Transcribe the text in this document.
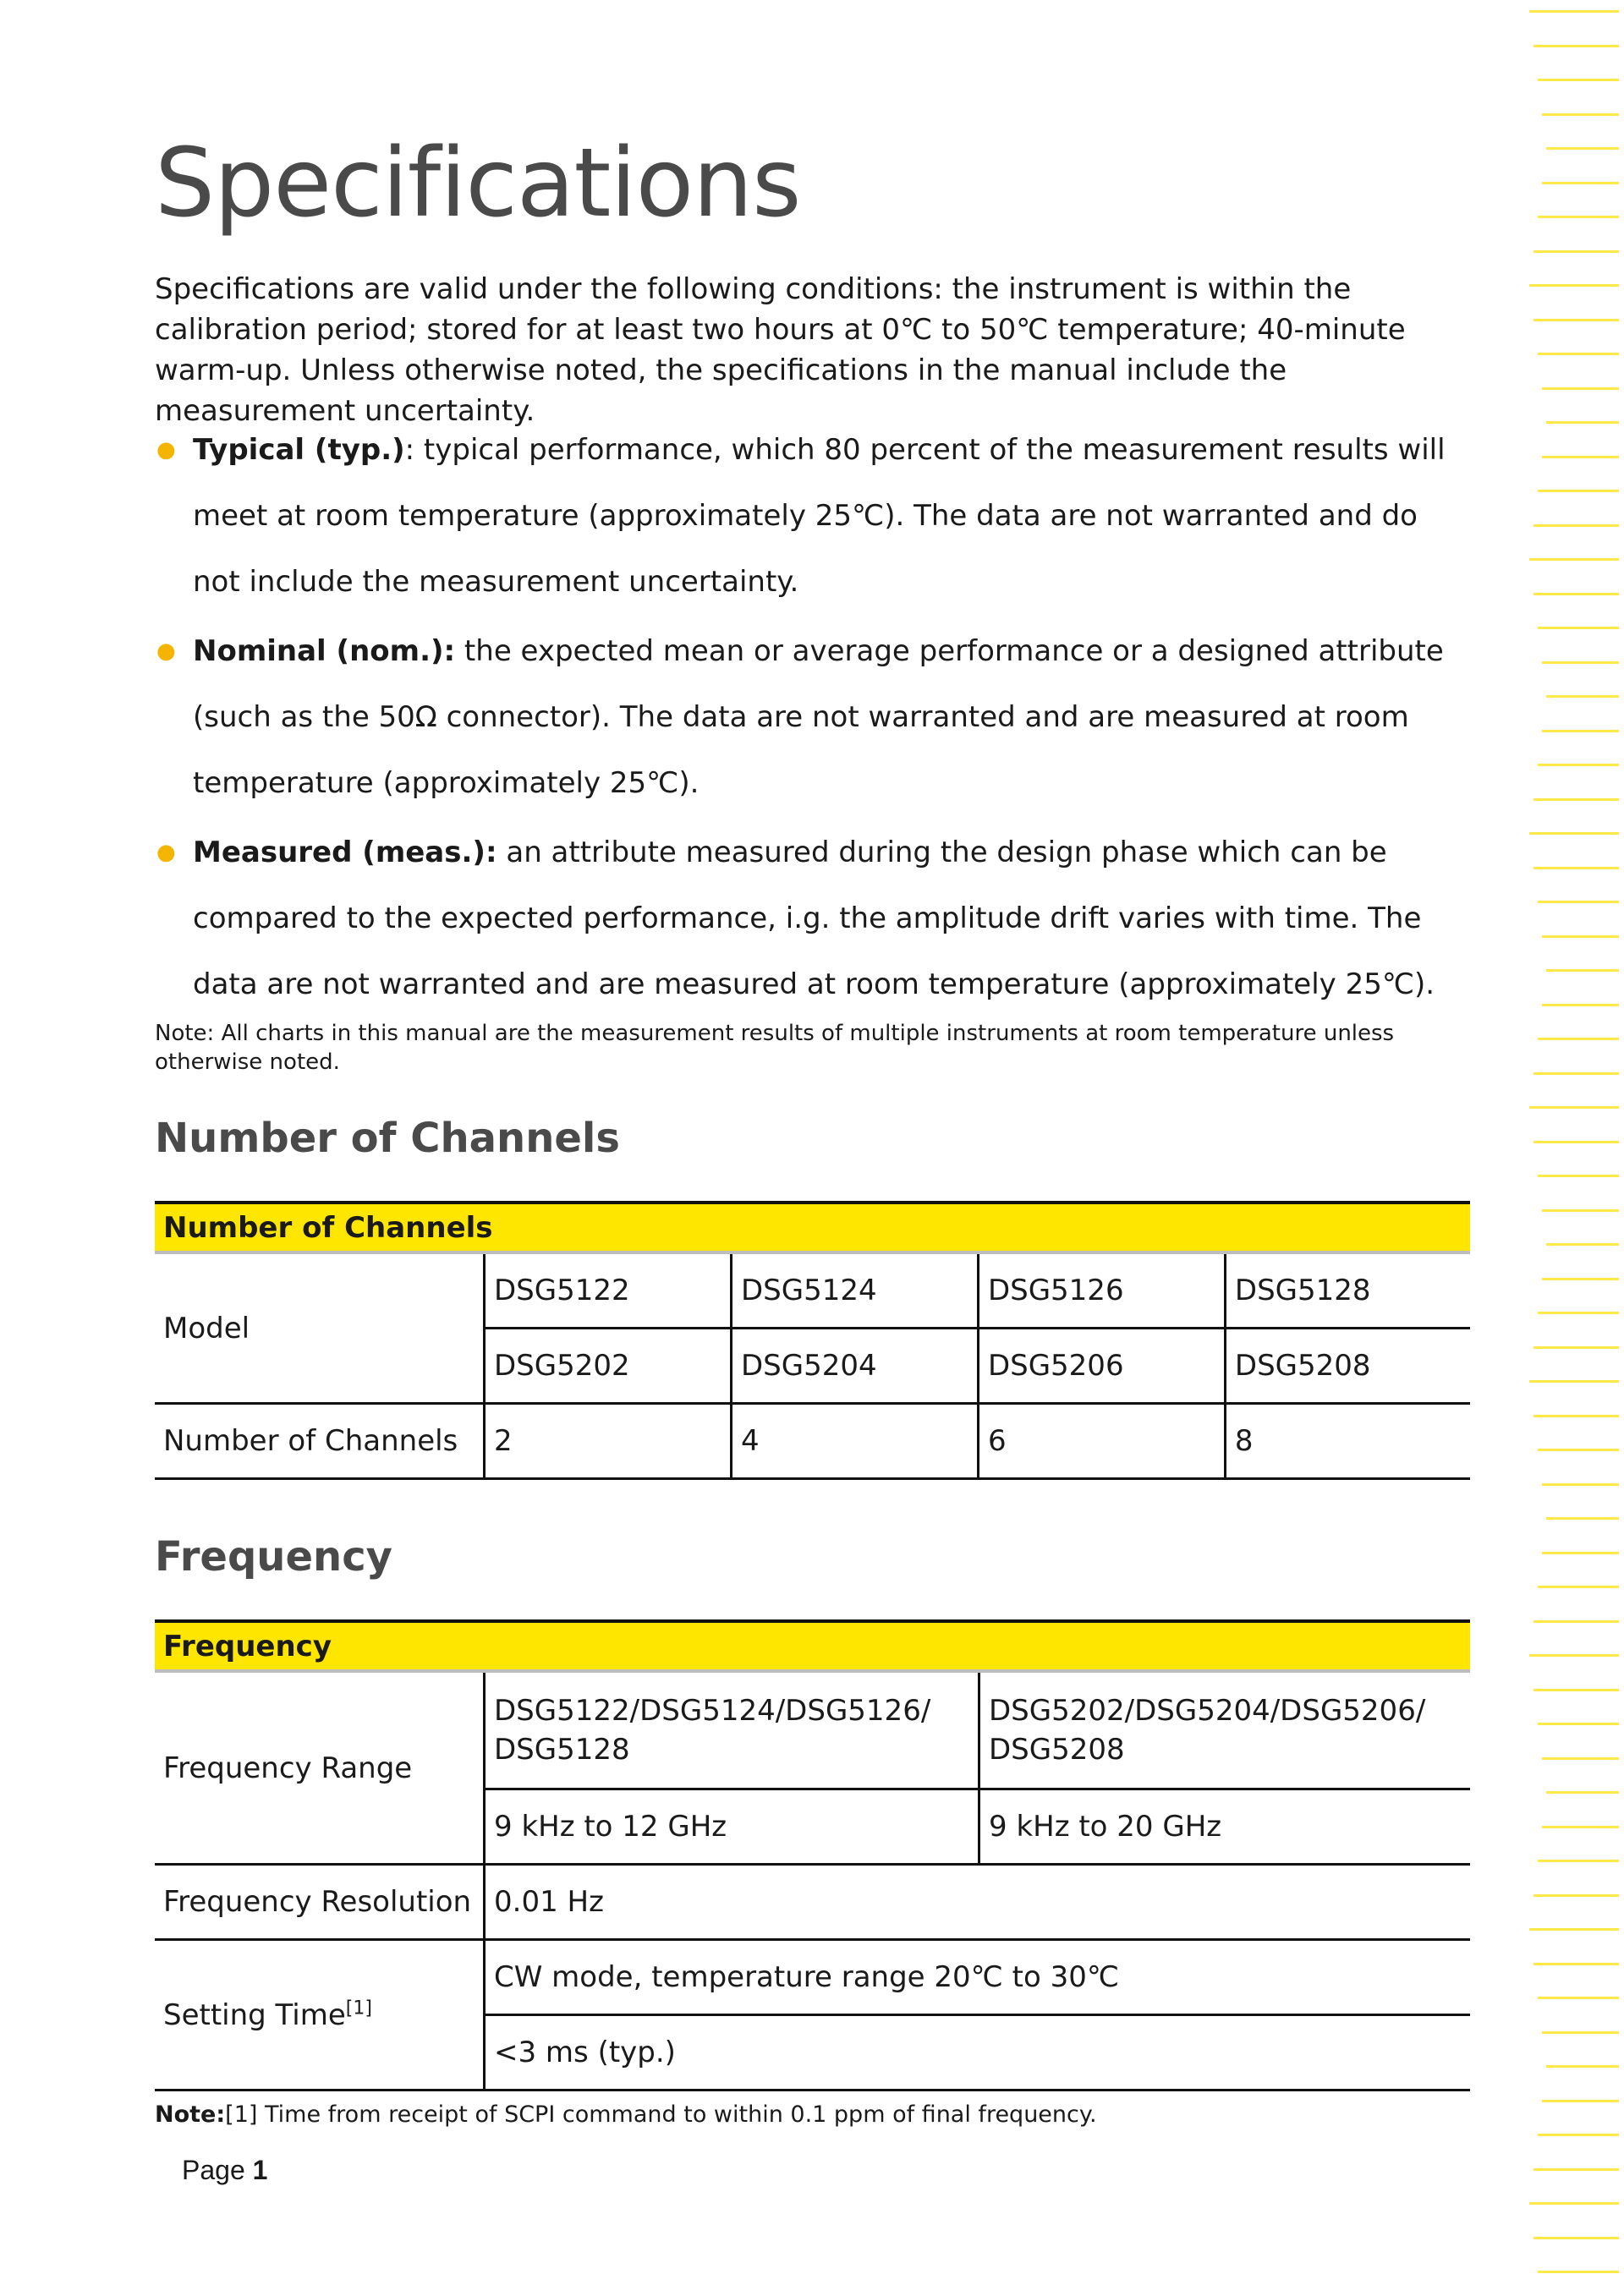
Specifications

Specifications are valid under the following conditions: the instrument is within the calibration period; stored for at least two hours at 0℃ to 50℃ temperature; 40-minute warm-up. Unless otherwise noted, the specifications in the manual include the measurement uncertainty.

● Typical (typ.): typical performance, which 80 percent of the measurement results will meet at room temperature (approximately 25℃). The data are not warranted and do not include the measurement uncertainty.
● Nominal (nom.): the expected mean or average performance or a designed attribute (such as the 50Ω connector). The data are not warranted and are measured at room temperature (approximately 25℃).
● Measured (meas.): an attribute measured during the design phase which can be compared to the expected performance, i.g. the amplitude drift varies with time. The data are not warranted and are measured at room temperature (approximately 25℃).

Note: All charts in this manual are the measurement results of multiple instruments at room temperature unless otherwise noted.

Number of Channels
Number of Channels				
Model	DSG5122	DSG5124	DSG5126	DSG5128
	DSG5202	DSG5204	DSG5206	DSG5208
Number of Channels	2	4	6	8
Frequency
Frequency		
Frequency Range	DSG5122/DSG5124/DSG5126/ DSG5128	DSG5202/DSG5204/DSG5206/ DSG5208
	9 kHz to 12 GHz	9 kHz to 20 GHz
Frequency Resolution	0.01 Hz	
Setting Time[1]	CW mode, temperature range 20℃ to 30℃	
	<3 ms (typ.)	

Note:[1] Time from receipt of SCPI command to within 0.1 ppm of final frequency.

Page 1
